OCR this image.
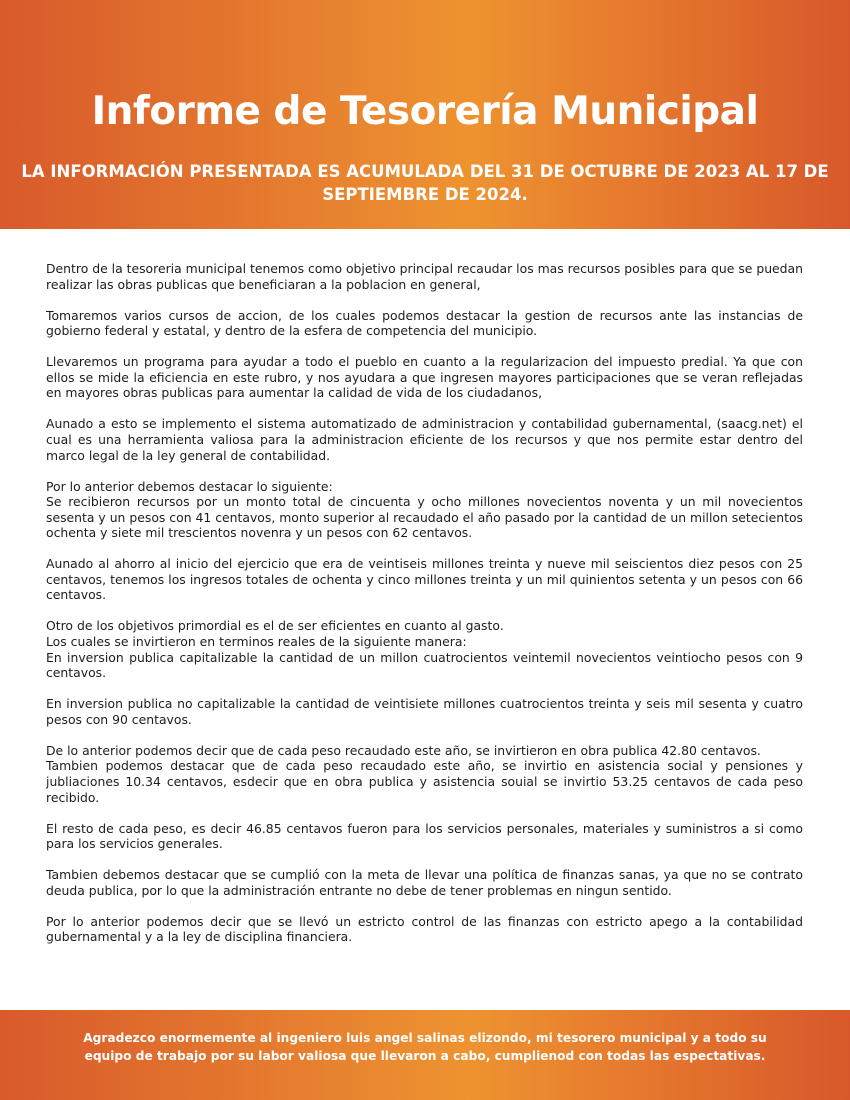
Informe de Tesorería Municipal
LA INFORMACIÓN PRESENTADA ES ACUMULADA DEL 31 DE OCTUBRE DE 2023 AL 17 DE SEPTIEMBRE DE 2024.

Dentro de la tesoreria municipal tenemos como objetivo principal recaudar los mas recursos posibles para que se puedan realizar las obras publicas que beneficiaran a la poblacion en general,

Tomaremos varios cursos de accion, de los cuales podemos destacar la gestion de recursos ante las instancias de gobierno federal y estatal, y dentro de la esfera de competencia del municipio.

Llevaremos un programa para ayudar a todo el pueblo en cuanto a la regularizacion del impuesto predial. Ya que con ellos se mide la eficiencia en este rubro, y nos ayudara a que ingresen mayores participaciones que se veran reflejadas en mayores obras publicas para aumentar la calidad de vida de los ciudadanos,

Aunado a esto se implemento el sistema automatizado de administracion y contabilidad gubernamental, (saacg.net) el cual es una herramienta valiosa para la administracion eficiente de los recursos y que nos permite estar dentro del marco legal de la ley general de contabilidad.

Por lo anterior debemos destacar lo siguiente:
Se recibieron recursos por un monto total de cincuenta y ocho millones novecientos noventa y un mil novecientos sesenta y un pesos con 41 centavos, monto superior al recaudado el año pasado por la cantidad de un millon setecientos ochenta y siete mil trescientos novenra y un pesos con 62 centavos.

Aunado al ahorro al inicio del ejercicio que era de veintiseis millones treinta y nueve mil seiscientos diez pesos con 25 centavos, tenemos los ingresos totales de ochenta y cinco millones treinta y un mil quinientos setenta y un pesos con 66 centavos.

Otro de los objetivos primordial es el de ser eficientes en cuanto al gasto.
Los cuales se invirtieron en terminos reales de la siguiente manera:
En inversion publica capitalizable la cantidad de un millon cuatrocientos veintemil novecientos veintiocho pesos con 9 centavos.

En inversion publica no capitalizable la cantidad de veintisiete millones cuatrocientos treinta y seis mil sesenta y cuatro pesos con 90 centavos.

De lo anterior podemos decir que de cada peso recaudado este año, se invirtieron en obra publica 42.80 centavos.
Tambien podemos destacar que de cada peso recaudado este año, se invirtio en asistencia social y pensiones y jubliaciones 10.34 centavos, esdecir que en obra publica y asistencia souial se invirtio 53.25 centavos de cada peso recibido.

El resto de cada peso, es decir 46.85 centavos fueron para los servicios personales, materiales y suministros a si como para los servicios generales.

Tambien debemos destacar que se cumplió con la meta de llevar una política de finanzas sanas, ya que no se contrato deuda publica, por lo que la administración entrante no debe de tener problemas en ningun sentido.

Por lo anterior podemos decir que se llevó un estricto control de las finanzas con estricto apego a la contabilidad gubernamental y a la ley de disciplina financiera.

Agradezco enormemente al ingeniero luis angel salinas elizondo, mi tesorero municipal y a todo su equipo de trabajo por su labor valiosa que llevaron a cabo, cumplienod con todas las espectativas.
